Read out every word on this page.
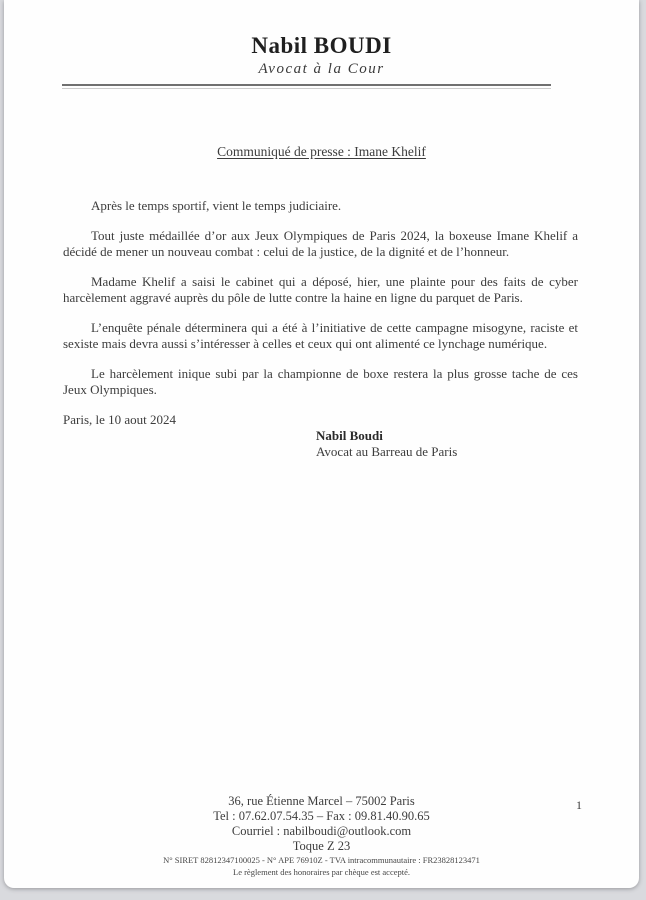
Nabil BOUDI
Avocat à la Cour
Communiqué de presse : Imane Khelif

Après le temps sportif, vient le temps judiciaire.

Tout juste médaillée d’or aux Jeux Olympiques de Paris 2024, la boxeuse Imane Khelif a décidé de mener un nouveau combat : celui de la justice, de la dignité et de l’honneur.

Madame Khelif a saisi le cabinet qui a déposé, hier, une plainte pour des faits de cyber harcèlement aggravé auprès du pôle de lutte contre la haine en ligne du parquet de Paris.

L’enquête pénale déterminera qui a été à l’initiative de cette campagne misogyne, raciste et sexiste mais devra aussi s’intéresser à celles et ceux qui ont alimenté ce lynchage numérique.

Le harcèlement inique subi par la championne de boxe restera la plus grosse tache de ces Jeux Olympiques.

Paris, le 10 aout 2024
Nabil Boudi
Avocat au Barreau de Paris
36, rue Étienne Marcel – 75002 Paris
Tel : 07.62.07.54.35 – Fax : 09.81.40.90.65
Courriel : nabilboudi@outlook.com
Toque Z 23
N° SIRET 82812347100025 - N° APE 76910Z - TVA intracommunautaire : FR23828123471
Le règlement des honoraires par chèque est accepté.
1
